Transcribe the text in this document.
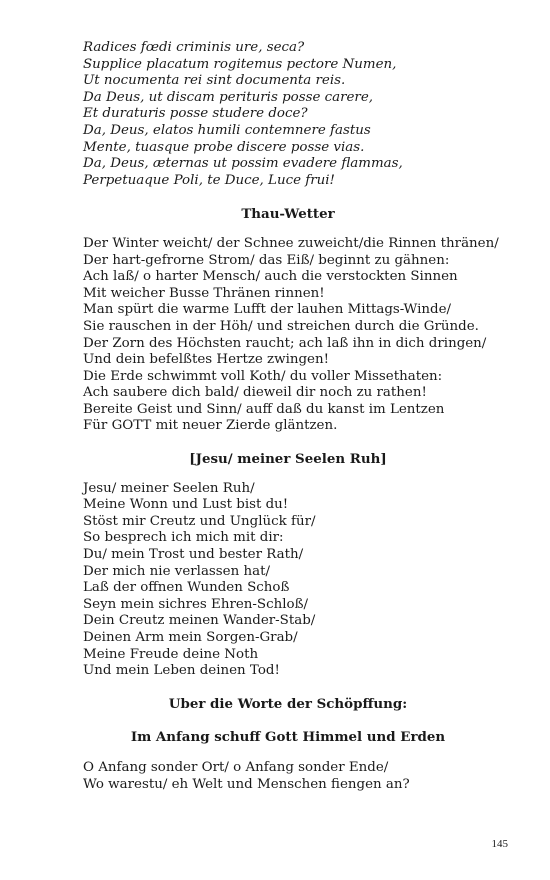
Radices fœdi criminis ure, seca?
Supplice placatum rogitemus pectore Numen,
Ut nocumenta rei sint documenta reis.
Da Deus, ut discam perituris posse carere,
Et duraturis posse studere doce?
Da, Deus, elatos humili contemnere fastus
Mente, tuasque probe discere posse vias.
Da, Deus, æternas ut possim evadere flammas,
Perpetuaque Poli, te Duce, Luce frui!
Thau-Wetter
Der Winter weicht/ der Schnee zuweicht/die Rinnen thränen/
Der hart-gefrorne Strom/ das Eiß/ beginnt zu gähnen:
Ach laß/ o harter Mensch/ auch die verstockten Sinnen
Mit weicher Busse Thränen rinnen!
Man spürt die warme Lufft der lauhen Mittags-Winde/
Sie rauschen in der Höh/ und streichen durch die Gründe.
Der Zorn des Höchsten raucht; ach laß ihn in dich dringen/
Und dein befelßtes Hertze zwingen!
Die Erde schwimmt voll Koth/ du voller Missethaten:
Ach saubere dich bald/ dieweil dir noch zu rathen!
Bereite Geist und Sinn/ auff daß du kanst im Lentzen
Für GOTT mit neuer Zierde gläntzen.
[Jesu/ meiner Seelen Ruh]
Jesu/ meiner Seelen Ruh/
Meine Wonn und Lust bist du!
Stöst mir Creutz und Unglück für/
So besprech ich mich mit dir:
Du/ mein Trost und bester Rath/
Der mich nie verlassen hat/
Laß der offnen Wunden Schoß
Seyn mein sichres Ehren-Schloß/
Dein Creutz meinen Wander-Stab/
Deinen Arm mein Sorgen-Grab/
Meine Freude deine Noth
Und mein Leben deinen Tod!
Uber die Worte der Schöpffung:
Im Anfang schuff Gott Himmel und Erden
O Anfang sonder Ort/ o Anfang sonder Ende/
Wo warestu/ eh Welt und Menschen fiengen an?
145
